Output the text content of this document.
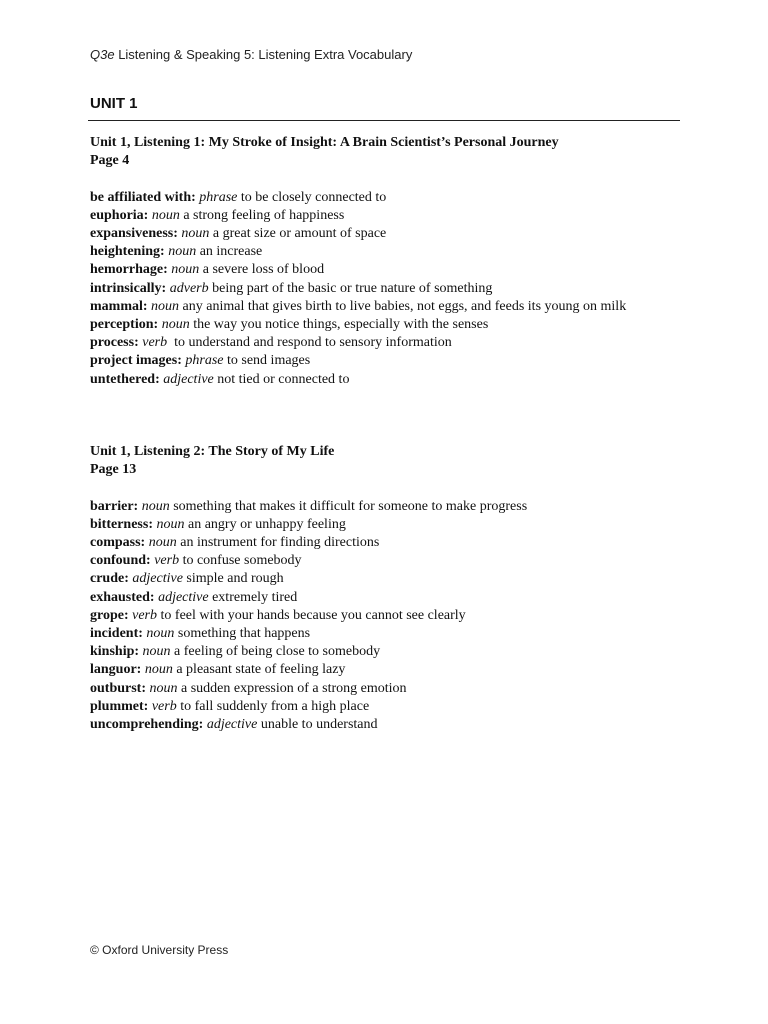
Q3e Listening & Speaking 5: Listening Extra Vocabulary
UNIT 1
Unit 1, Listening 1: My Stroke of Insight: A Brain Scientist’s Personal Journey
Page 4
be affiliated with: phrase to be closely connected to
euphoria: noun a strong feeling of happiness
expansiveness: noun a great size or amount of space
heightening: noun an increase
hemorrhage: noun a severe loss of blood
intrinsically: adverb being part of the basic or true nature of something
mammal: noun any animal that gives birth to live babies, not eggs, and feeds its young on milk
perception: noun the way you notice things, especially with the senses
process: verb  to understand and respond to sensory information
project images: phrase to send images
untethered: adjective not tied or connected to
Unit 1, Listening 2: The Story of My Life
Page 13
barrier: noun something that makes it difficult for someone to make progress
bitterness: noun an angry or unhappy feeling
compass: noun an instrument for finding directions
confound: verb to confuse somebody
crude: adjective simple and rough
exhausted: adjective extremely tired
grope: verb to feel with your hands because you cannot see clearly
incident: noun something that happens
kinship: noun a feeling of being close to somebody
languor: noun a pleasant state of feeling lazy
outburst: noun a sudden expression of a strong emotion
plummet: verb to fall suddenly from a high place
uncomprehending: adjective unable to understand
© Oxford University Press
